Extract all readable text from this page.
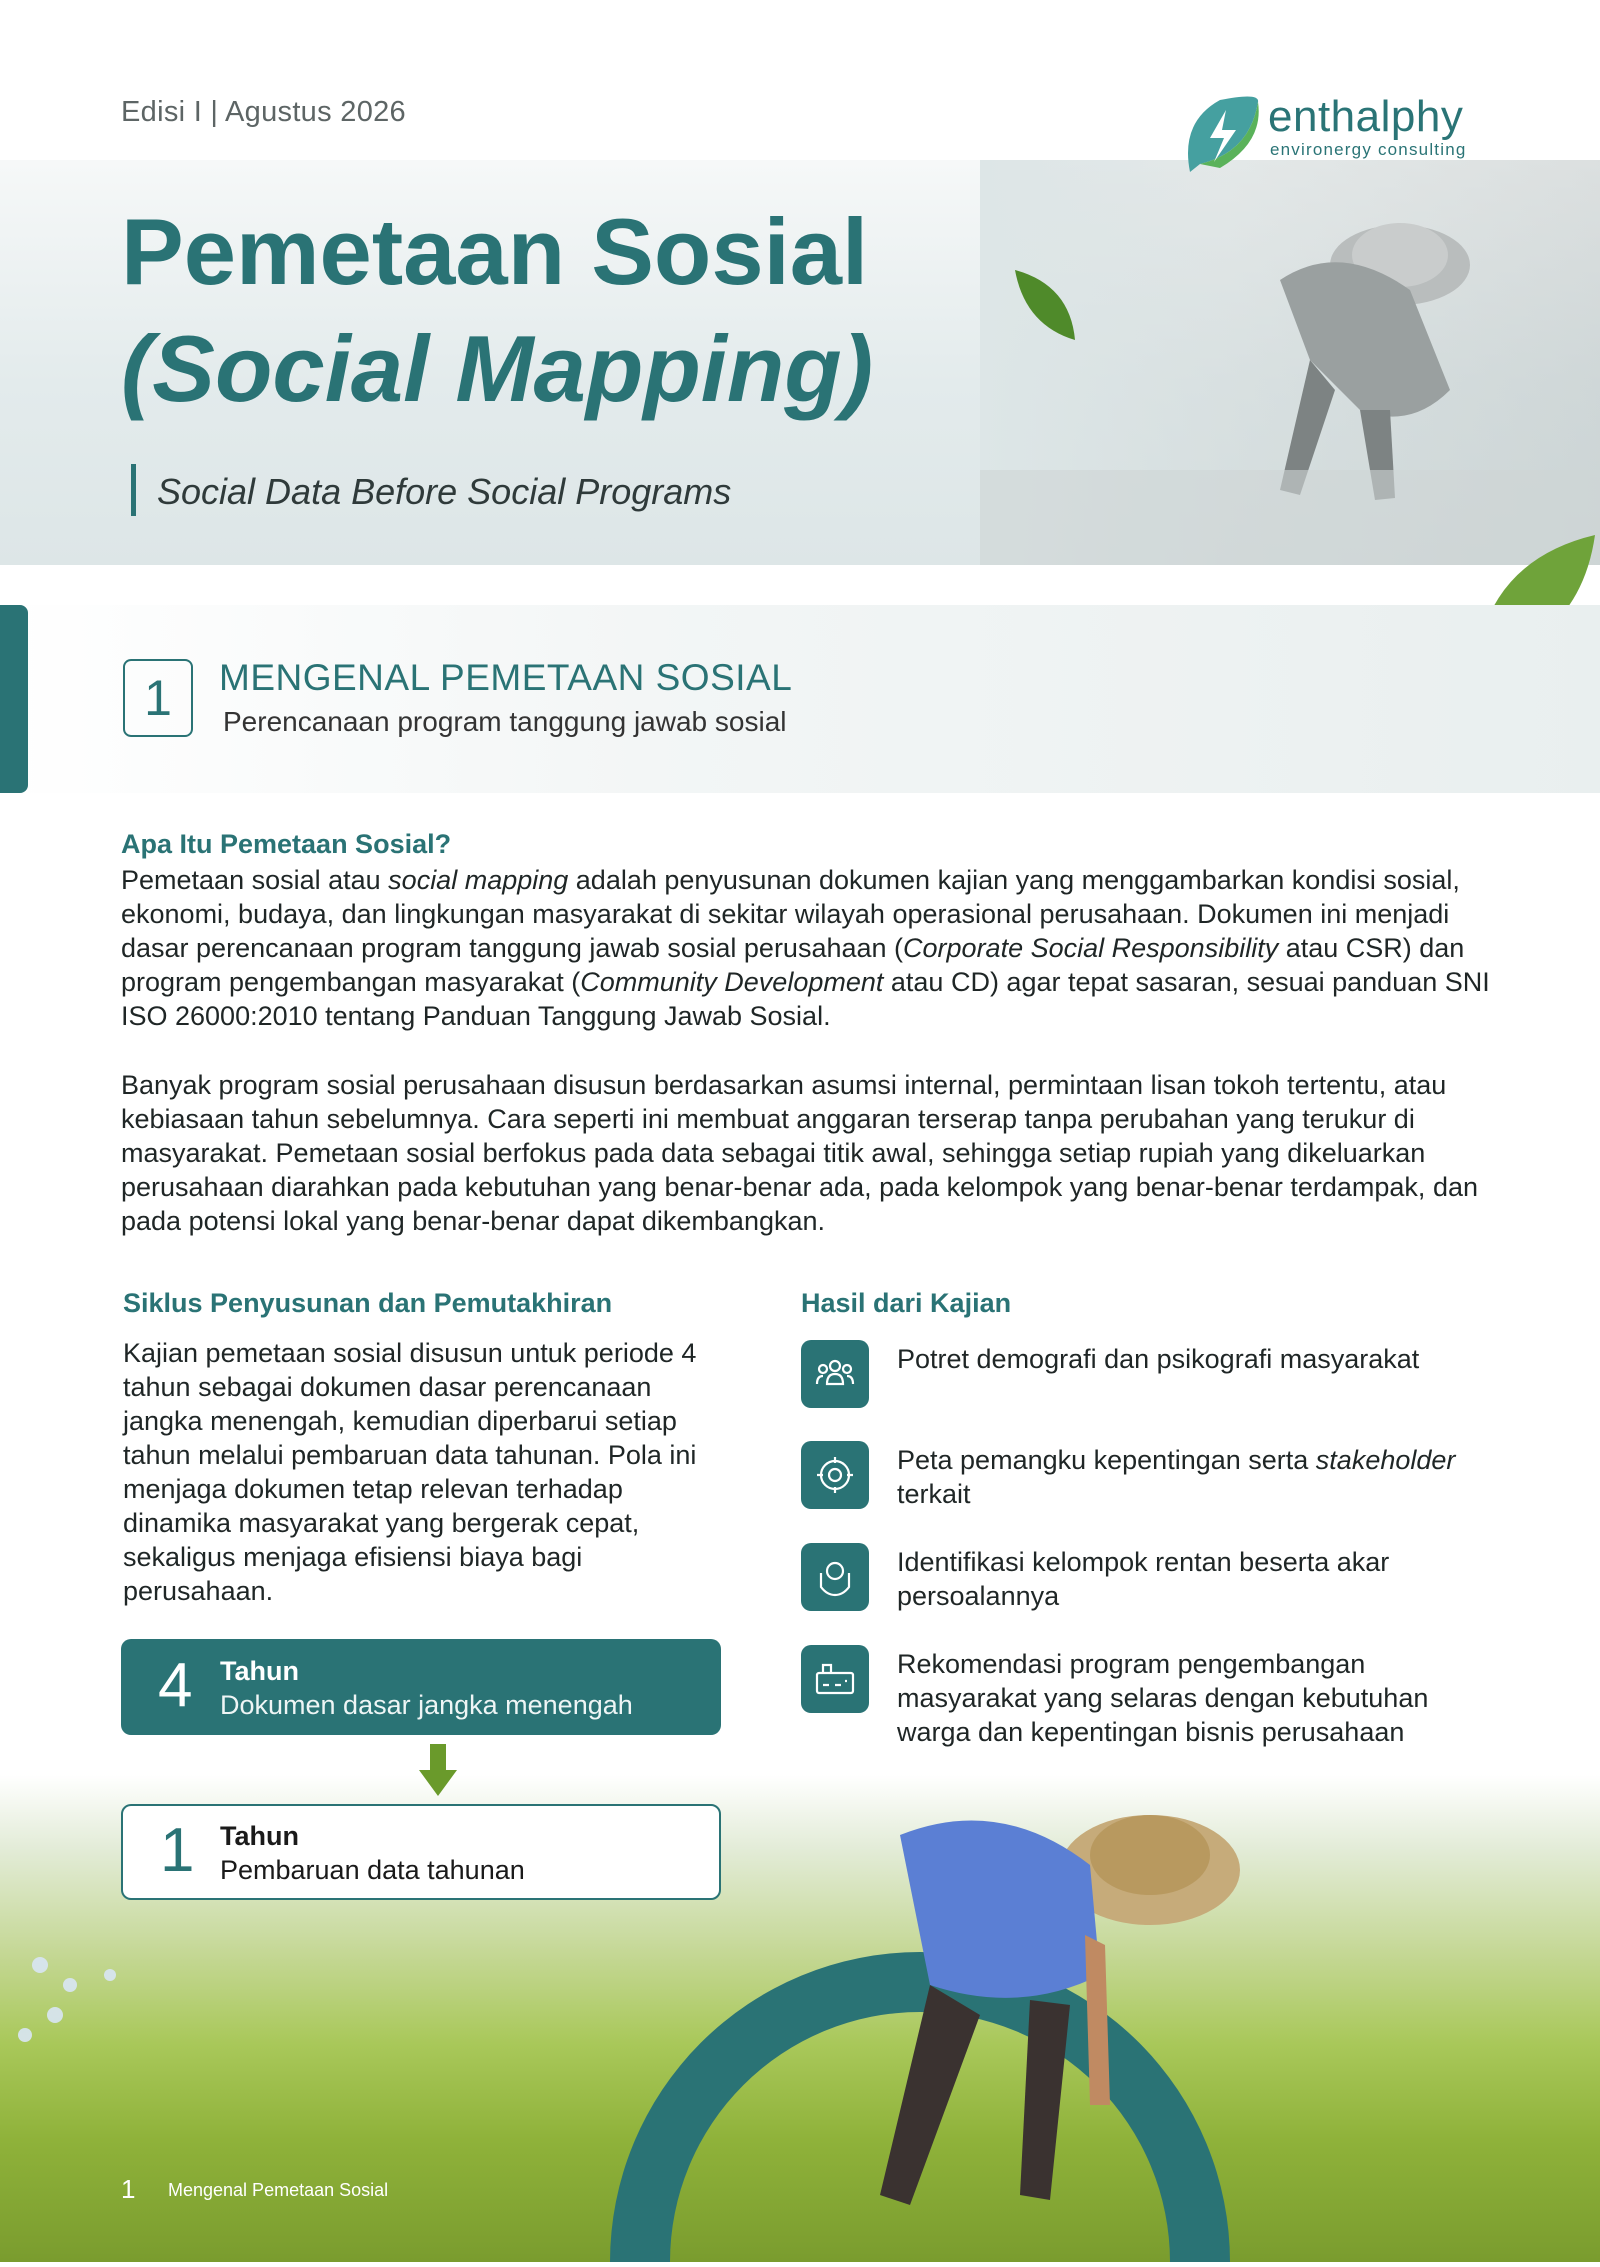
Edisi I | Agustus 2026	enthalphy
environergy consulting
Pemetaan Sosial
(Social Mapping)
Social Data Before Social Programs
1	MENGENAL PEMETAAN SOSIAL
Perencanaan program tanggung jawab sosial
Apa Itu Pemetaan Sosial?
Pemetaan sosial atau social mapping adalah penyusunan dokumen kajian yang menggambarkan kondisi sosial, ekonomi, budaya, dan lingkungan masyarakat di sekitar wilayah operasional perusahaan. Dokumen ini menjadi dasar perencanaan program tanggung jawab sosial perusahaan (Corporate Social Responsibility atau CSR) dan program pengembangan masyarakat (Community Development atau CD) agar tepat sasaran, sesuai panduan SNI ISO 26000:2010 tentang Panduan Tanggung Jawab Sosial.
Banyak program sosial perusahaan disusun berdasarkan asumsi internal, permintaan lisan tokoh tertentu, atau kebiasaan tahun sebelumnya. Cara seperti ini membuat anggaran terserap tanpa perubahan yang terukur di masyarakat. Pemetaan sosial berfokus pada data sebagai titik awal, sehingga setiap rupiah yang dikeluarkan perusahaan diarahkan pada kebutuhan yang benar-benar ada, pada kelompok yang benar-benar terdampak, dan pada potensi lokal yang benar-benar dapat dikembangkan.
Siklus Penyusunan dan Pemutakhiran
Kajian pemetaan sosial disusun untuk periode 4 tahun sebagai dokumen dasar perencanaan jangka menengah, kemudian diperbarui setiap tahun melalui pembaruan data tahunan. Pola ini menjaga dokumen tetap relevan terhadap dinamika masyarakat yang bergerak cepat, sekaligus menjaga efisiensi biaya bagi perusahaan.
4 Tahun
Dokumen dasar jangka menengah
1 Tahun
Pembaruan data tahunan
Hasil dari Kajian
Potret demografi dan psikografi masyarakat
Peta pemangku kepentingan serta stakeholder terkait
Identifikasi kelompok rentan beserta akar persoalannya
Rekomendasi program pengembangan masyarakat yang selaras dengan kebutuhan warga dan kepentingan bisnis perusahaan
1 Mengenal Pemetaan Sosial
